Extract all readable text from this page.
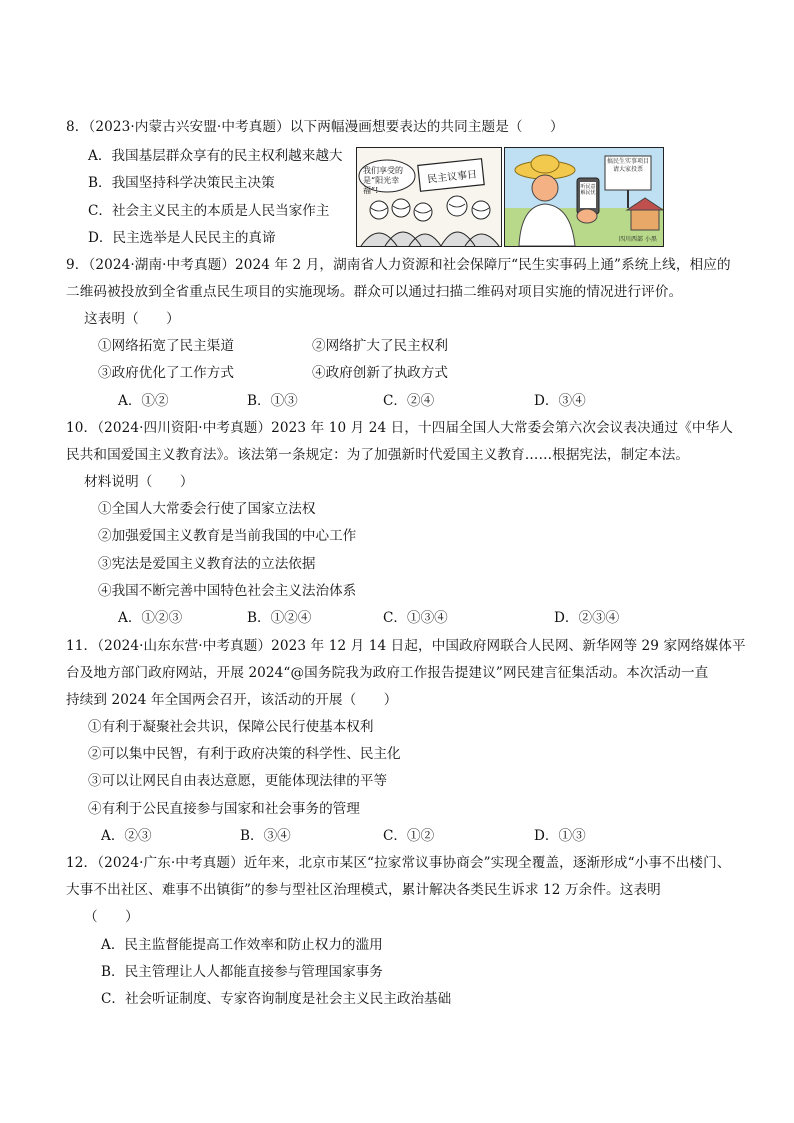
8．（2023·内蒙古兴安盟·中考真题）以下两幅漫画想要表达的共同主题是（　　）
A．我国基层群众享有的民主权利越来越大
B．我国坚持科学决策民主决策
C．社会主义民主的本质是人民当家作主
D．民主选举是人民民主的真谛
我们享受的是“阳光幸福”!
民主议事日
听民意 解民忧
搞民生实事项目 请大家投票
四川西部 小黑
9．（2024·湖南·中考真题）2024 年 2 月，湖南省人力资源和社会保障厅“民生实事码上通”系统上线，相应的
二维码被投放到全省重点民生项目的实施现场。群众可以通过扫描二维码对项目实施的情况进行评价。
这表明（　　）
①网络拓宽了民主渠道	②网络扩大了民主权利
③政府优化了工作方式	④政府创新了执政方式
A．①②	B．①③	C．②④	D．③④
10．（2024·四川资阳·中考真题）2023 年 10 月 24 日，十四届全国人大常委会第六次会议表决通过《中华人
民共和国爱国主义教育法》。该法第一条规定：为了加强新时代爱国主义教育……根据宪法，制定本法。
材料说明（　　）
①全国人大常委会行使了国家立法权
②加强爱国主义教育是当前我国的中心工作
③宪法是爱国主义教育法的立法依据
④我国不断完善中国特色社会主义法治体系
A．①②③	B．①②④	C．①③④	D．②③④
11．（2024·山东东营·中考真题）2023 年 12 月 14 日起，中国政府网联合人民网、新华网等 29 家网络媒体平
台及地方部门政府网站，开展 2024“@国务院我为政府工作报告提建议”网民建言征集活动。本次活动一直
持续到 2024 年全国两会召开，该活动的开展（　　）
①有利于凝聚社会共识，保障公民行使基本权利
②可以集中民智，有利于政府决策的科学性、民主化
③可以让网民自由表达意愿，更能体现法律的平等
④有利于公民直接参与国家和社会事务的管理
A．②③	B．③④	C．①②	D．①③
12．（2024·广东·中考真题）近年来，北京市某区“拉家常议事协商会”实现全覆盖，逐渐形成“小事不出楼门、
大事不出社区、难事不出镇街”的参与型社区治理模式，累计解决各类民生诉求 12 万余件。这表明
（　　）
A．民主监督能提高工作效率和防止权力的滥用
B．民主管理让人人都能直接参与管理国家事务
C．社会听证制度、专家咨询制度是社会主义民主政治基础
